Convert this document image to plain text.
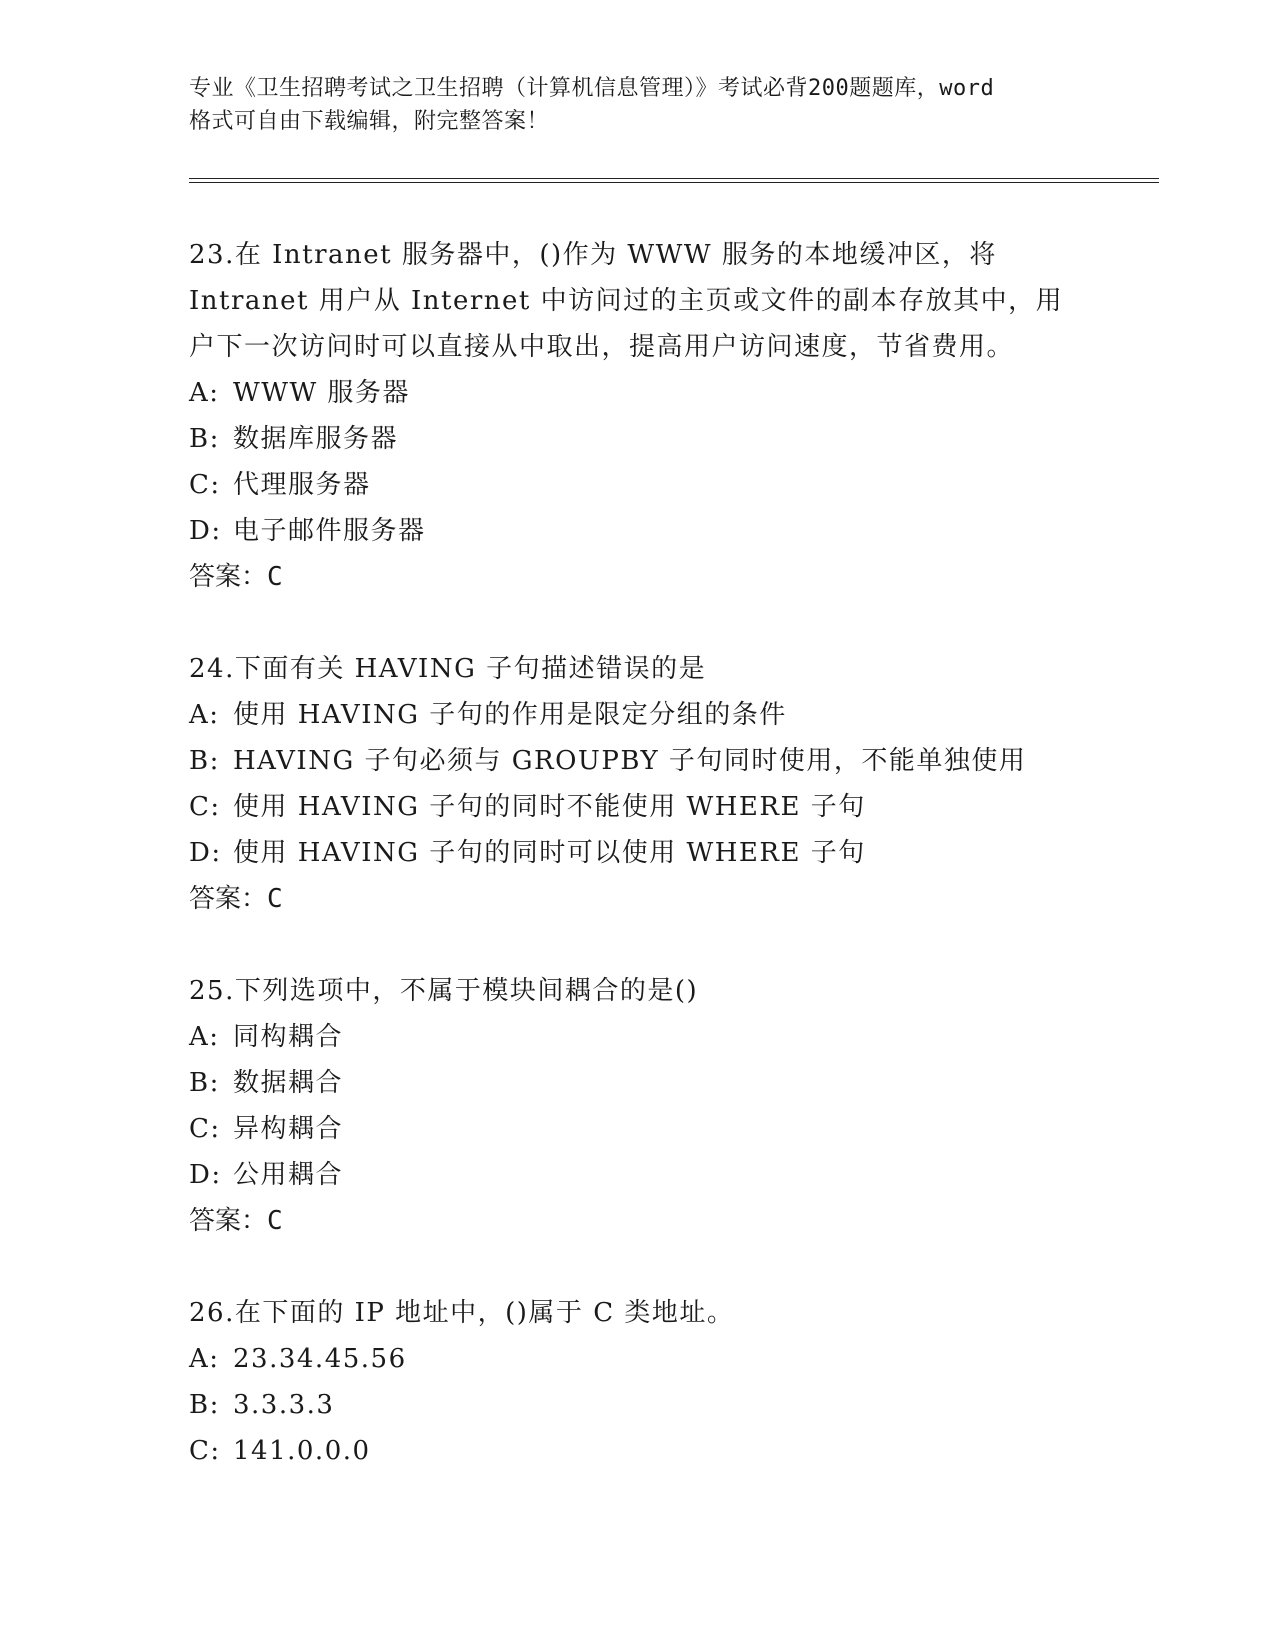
专业《卫生招聘考试之卫生招聘（计算机信息管理）》考试必背200题题库，word
格式可自由下载编辑，附完整答案！

23.在 Intranet 服务器中，()作为 WWW 服务的本地缓冲区，将
Intranet 用户从 Internet 中访问过的主页或文件的副本存放其中，用
户下一次访问时可以直接从中取出，提高用户访问速度，节省费用。

A: WWW 服务器

B: 数据库服务器

C: 代理服务器

D: 电子邮件服务器

答案：C

24.下面有关 HAVING 子句描述错误的是

A: 使用 HAVING 子句的作用是限定分组的条件

B: HAVING 子句必须与 GROUPBY 子句同时使用，不能单独使用

C: 使用 HAVING 子句的同时不能使用 WHERE 子句

D: 使用 HAVING 子句的同时可以使用 WHERE 子句

答案：C

25.下列选项中，不属于模块间耦合的是()

A: 同构耦合

B: 数据耦合

C: 异构耦合

D: 公用耦合

答案：C

26.在下面的 IP 地址中，()属于 C 类地址。

A: 23.34.45.56

B: 3.3.3.3

C: 141.0.0.0
